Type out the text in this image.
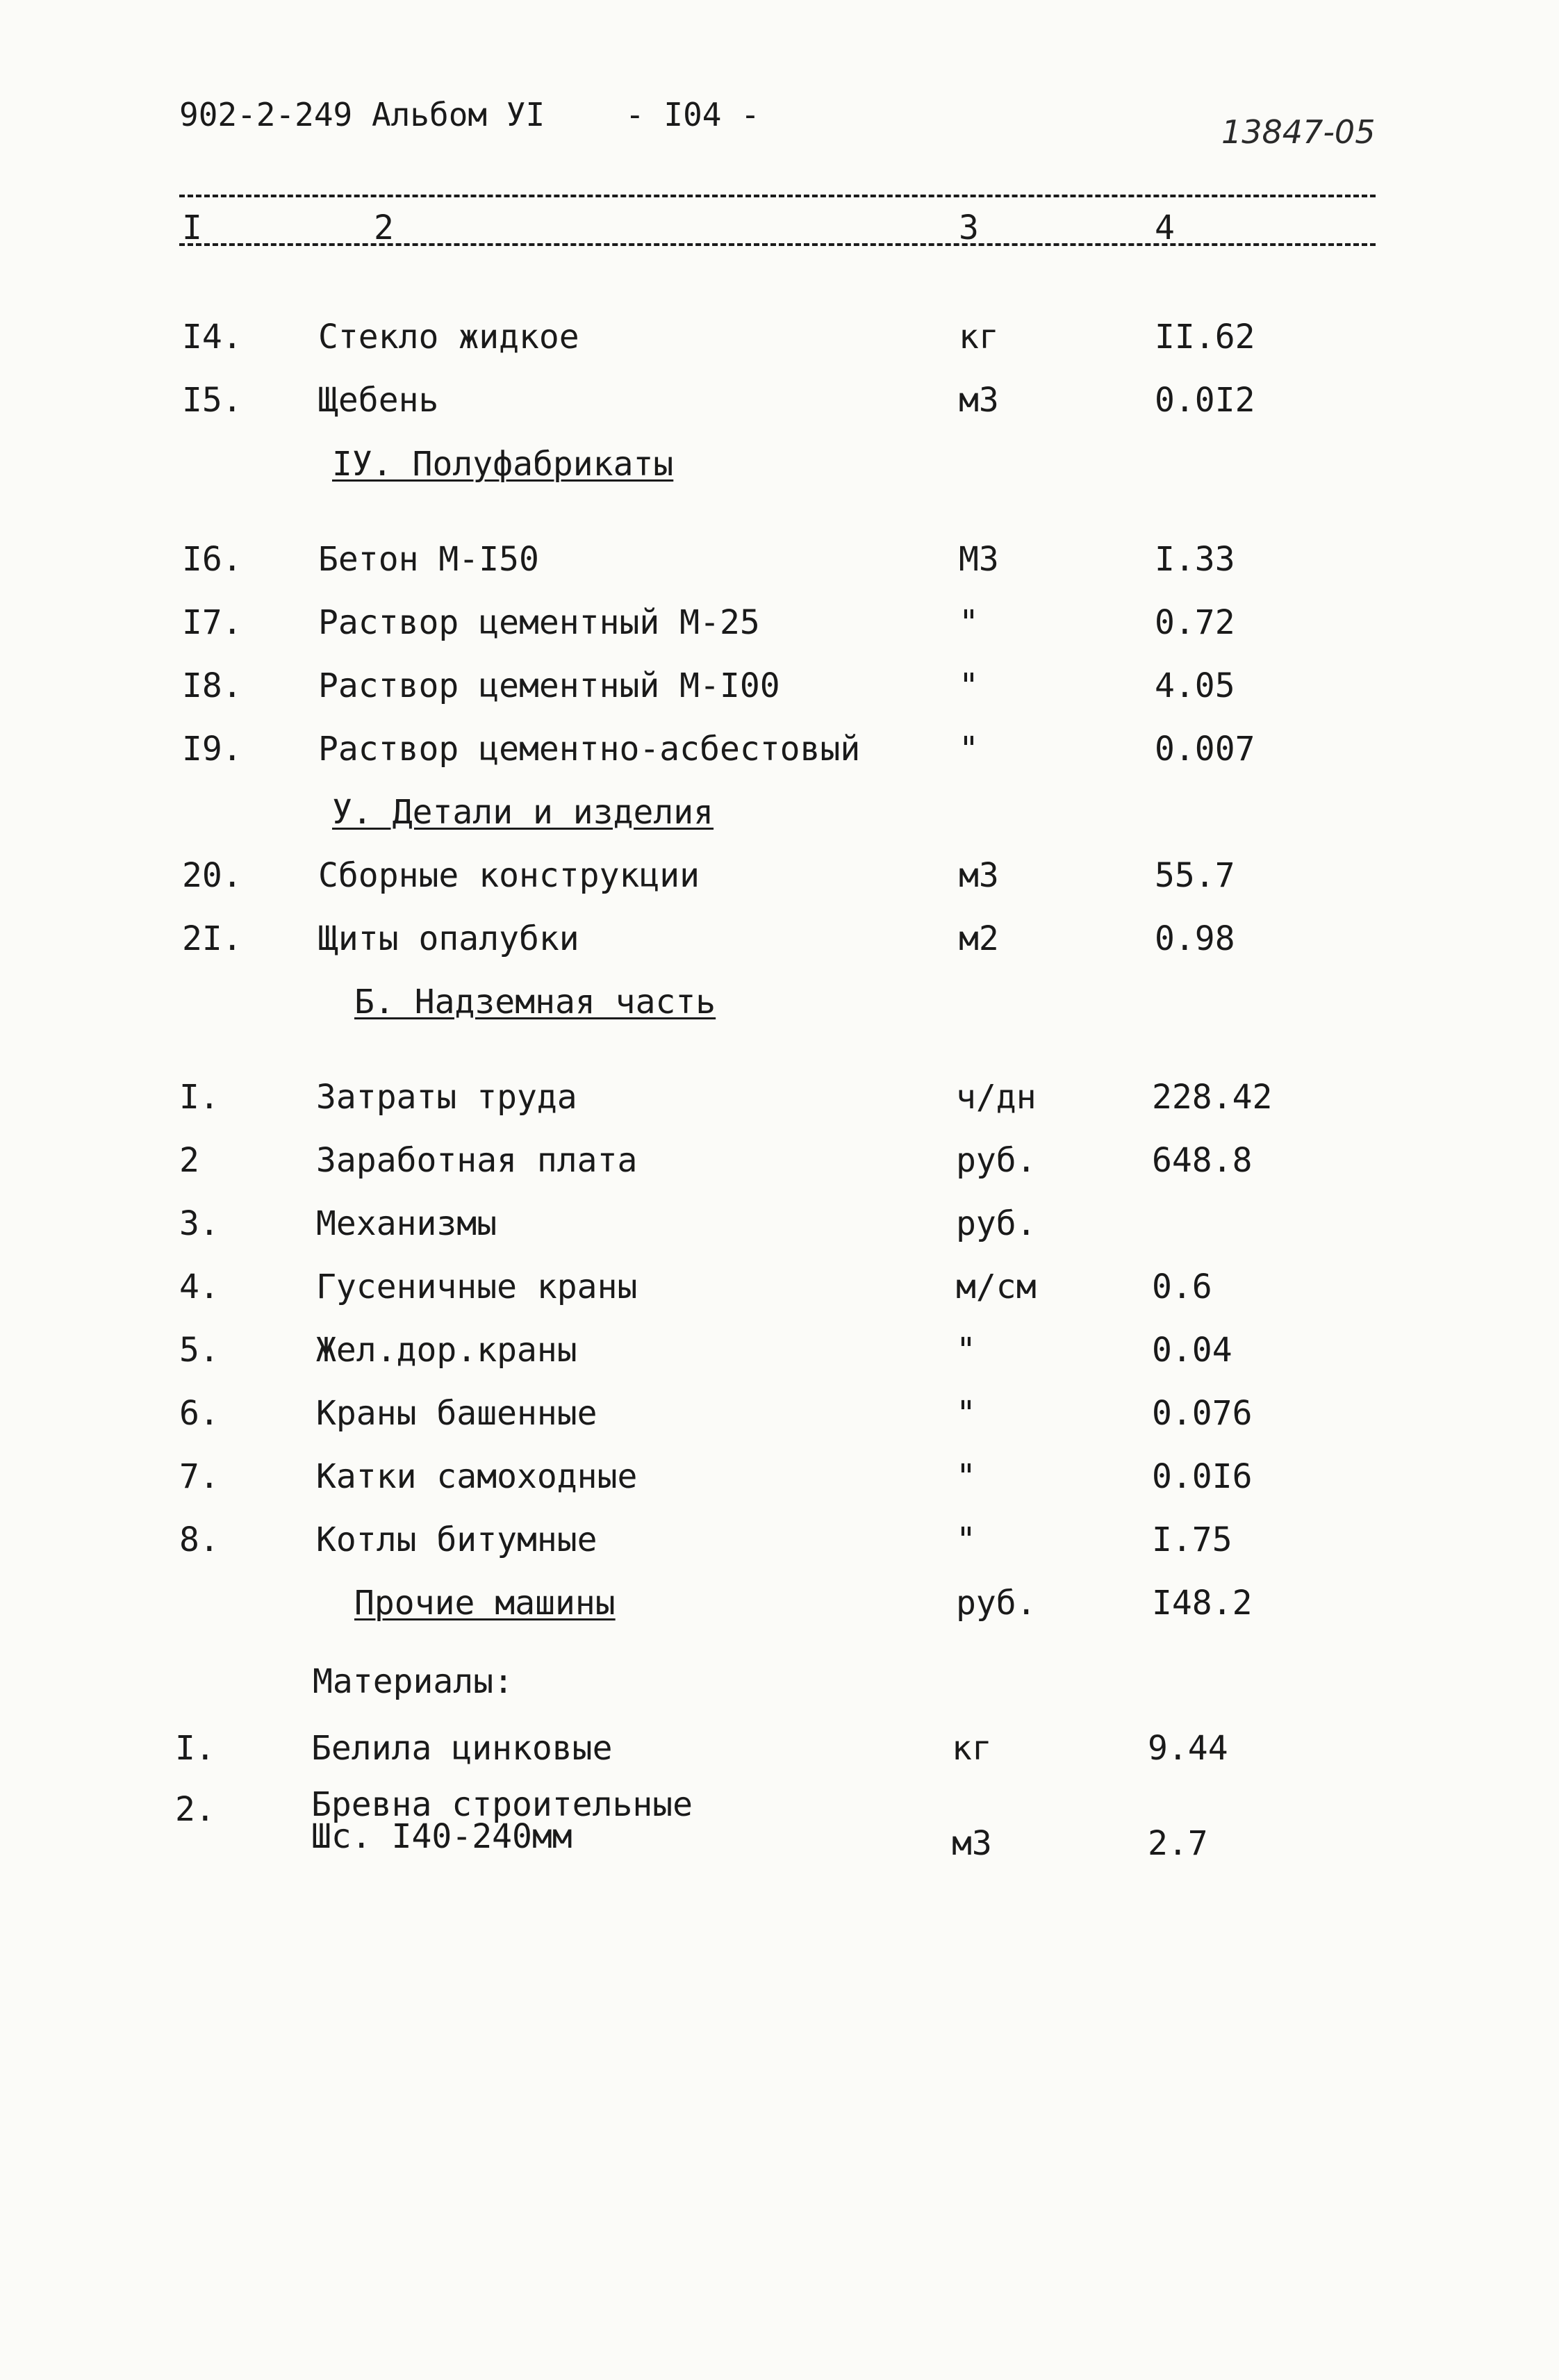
902-2-249 Альбом УI	- I04 -	13847-05
I	2	3	4
I4. Стекло жидкое	кг	II.62
I5. Щебень	м3	0.0I2
IУ. Полуфабрикаты
I6. Бетон М-I50	М3	I.33
I7. Раствор цементный М-25	"	0.72
I8. Раствор цементный М-I00	"	4.05
I9. Раствор цементно-асбестовый	"	0.007
У. Детали и изделия
20. Сборные конструкции	м3	55.7
2I. Щиты опалубки	м2	0.98
Б. Надземная часть
I.	Затраты труда	ч/дн	228.42
2	Заработная плата	руб.	648.8
3.	Механизмы	руб.
4.	Гусеничные краны	м/см	0.6
5.	Жел.дор.краны	"	0.04
6.	Краны башенные	"	0.076
7.	Катки самоходные	"	0.0I6
8.	Котлы битумные	"	I.75
Прочие машины	руб.	I48.2
Материалы:
I.	Белила цинковые	кг	9.44
2.	Бревна строительные
Шс. I40-240мм	м3	2.7
